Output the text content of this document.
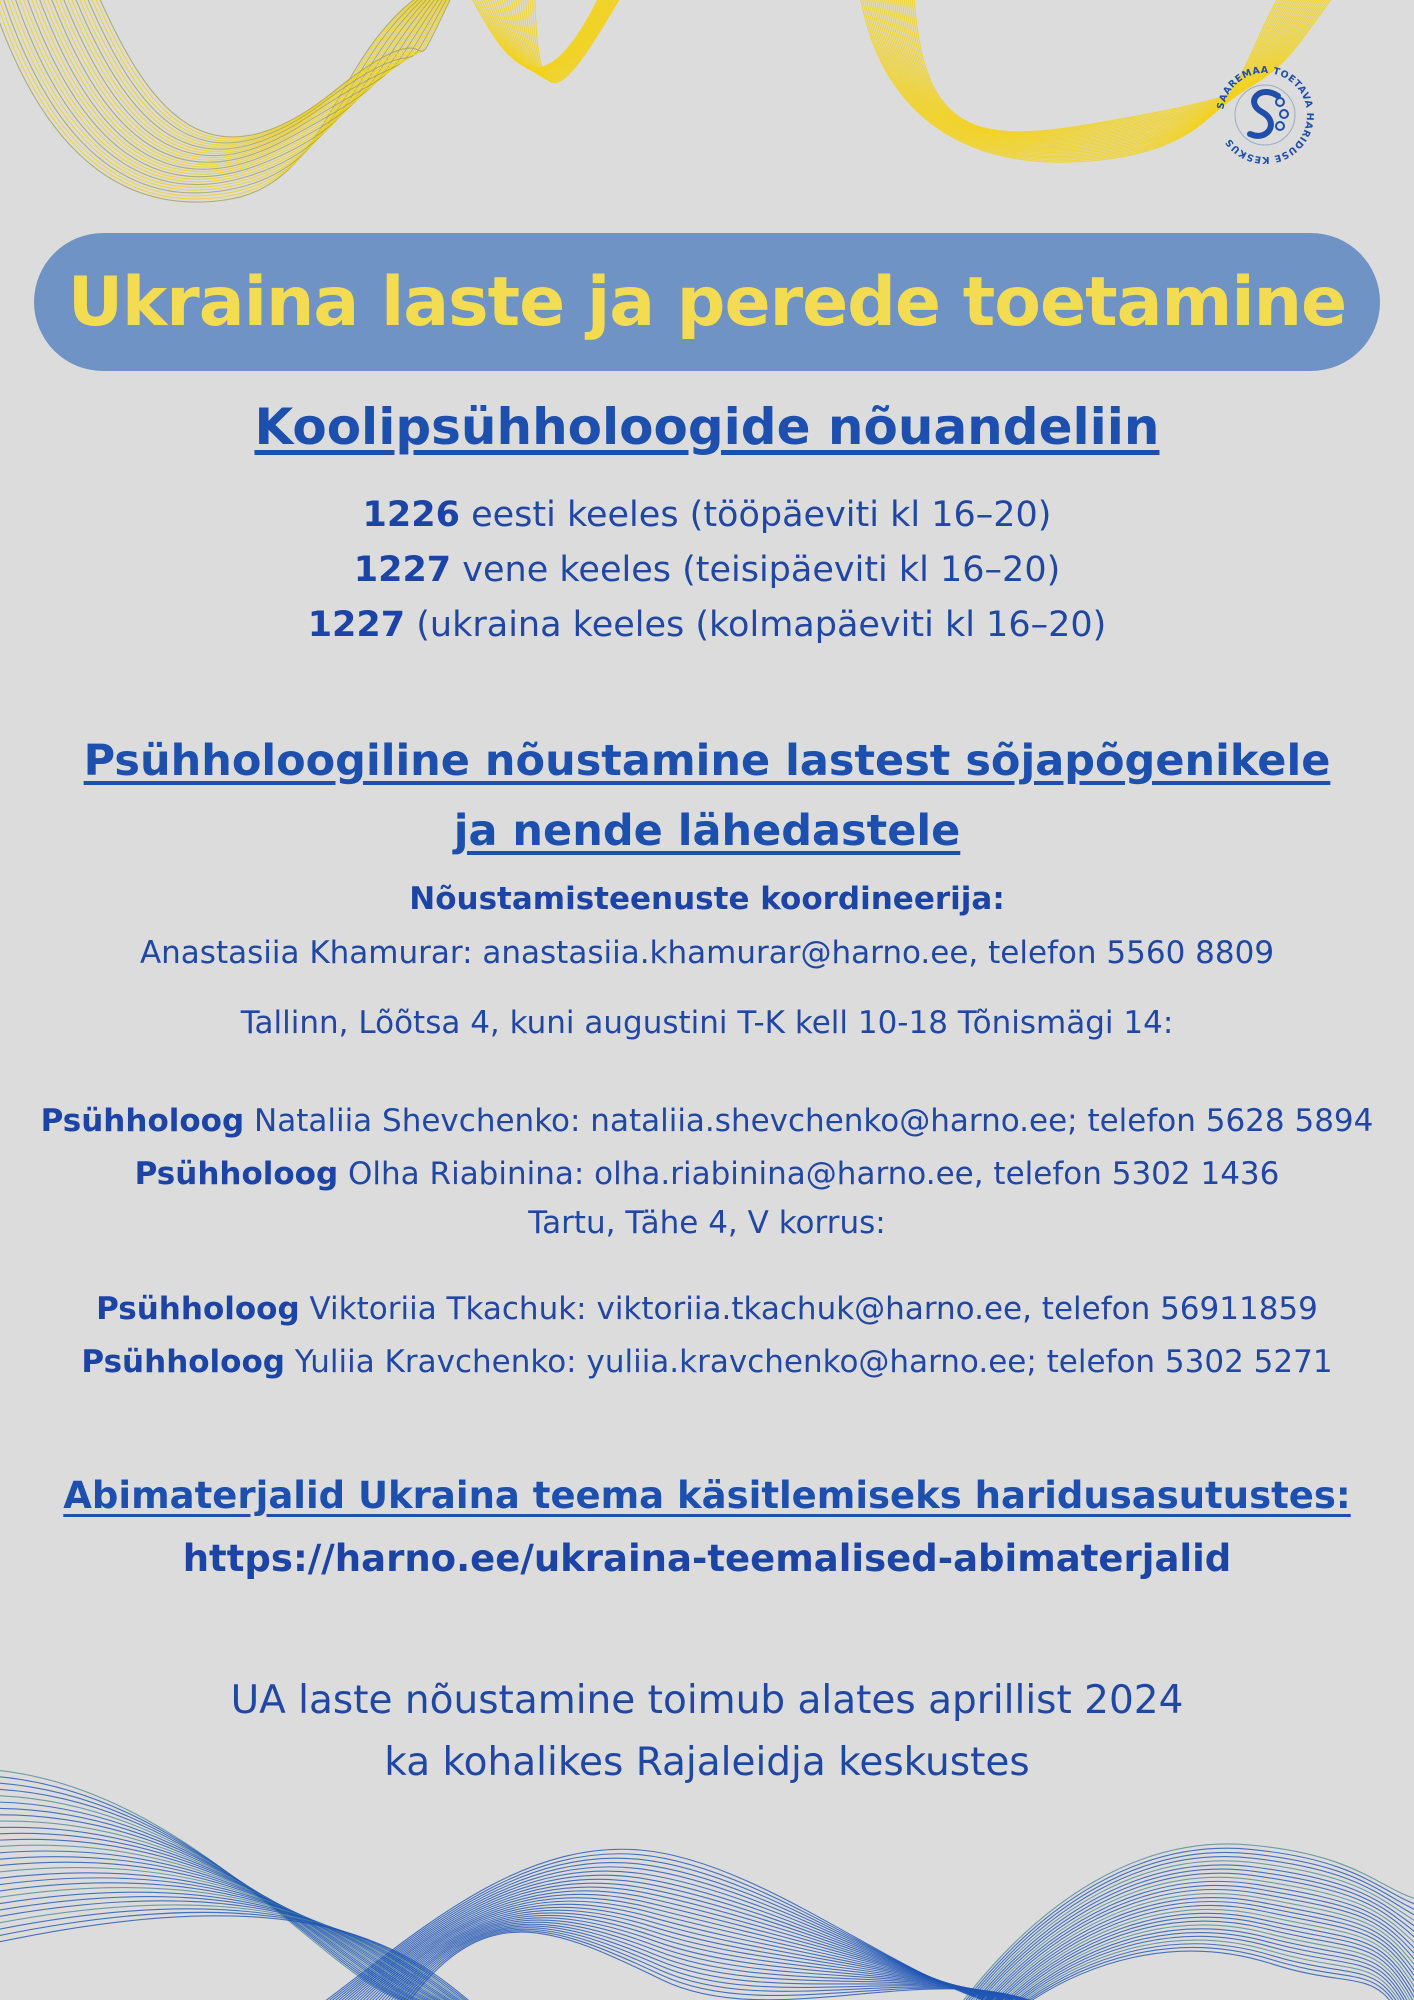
SAAREMAA TOETAVA HARIDUSE KESKUS
Ukraina laste ja perede toetamine
Koolipsühholoogide nõuandeliin
1226 eesti keeles (tööpäeviti kl 16–20)
1227 vene keeles (teisipäeviti kl 16–20)
1227 (ukraina keeles (kolmapäeviti kl 16–20)
Psühholoogiline nõustamine lastest sõjapõgenikele
ja nende lähedastele
Nõustamisteenuste koordineerija:
Anastasiia Khamurar: anastasiia.khamurar@harno.ee, telefon 5560 8809
Tallinn, Lõõtsa 4, kuni augustini T-K kell 10-18 Tõnismägi 14:
Psühholoog Nataliia Shevchenko: nataliia.shevchenko@harno.ee; telefon 5628 5894
Psühholoog Olha Riabinina: olha.riabinina@harno.ee, telefon 5302 1436
Tartu, Tähe 4, V korrus:
Psühholoog Viktoriia Tkachuk: viktoriia.tkachuk@harno.ee, telefon 56911859
Psühholoog Yuliia Kravchenko: yuliia.kravchenko@harno.ee; telefon 5302 5271
Abimaterjalid Ukraina teema käsitlemiseks haridusasutustes:
https://harno.ee/ukraina-teemalised-abimaterjalid
UA laste nõustamine toimub alates aprillist 2024
ka kohalikes Rajaleidja keskustes
